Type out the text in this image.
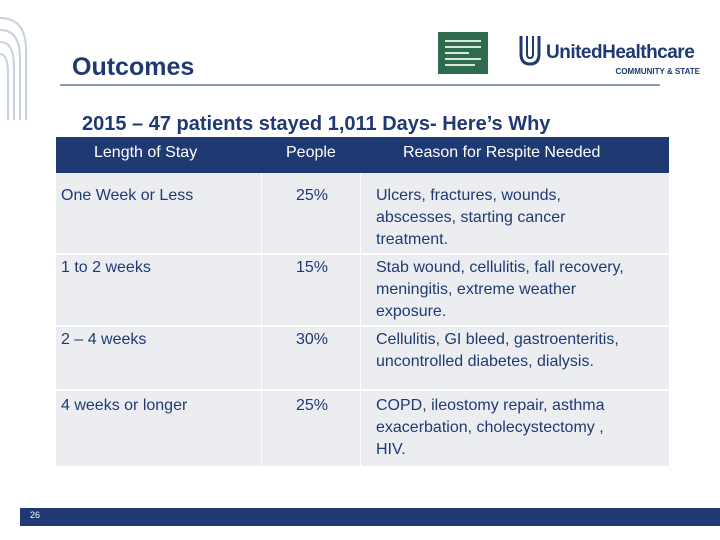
Outcomes
UnitedHealthcare
COMMUNITY & STATE
2015 – 47 patients stayed 1,011 Days- Here’s Why
Length of Stay	People	Reason for Respite Needed
One Week or Less	25%	Ulcers, fractures, wounds,
abscesses, starting cancer
treatment.
1 to 2 weeks	15%	Stab wound, cellulitis, fall recovery,
meningitis, extreme weather
exposure.
2 – 4 weeks	30%	Cellulitis, GI bleed, gastroenteritis,
uncontrolled diabetes, dialysis.
4 weeks or longer	25%	COPD, ileostomy repair, asthma
exacerbation, cholecystectomy ,
HIV.
26
